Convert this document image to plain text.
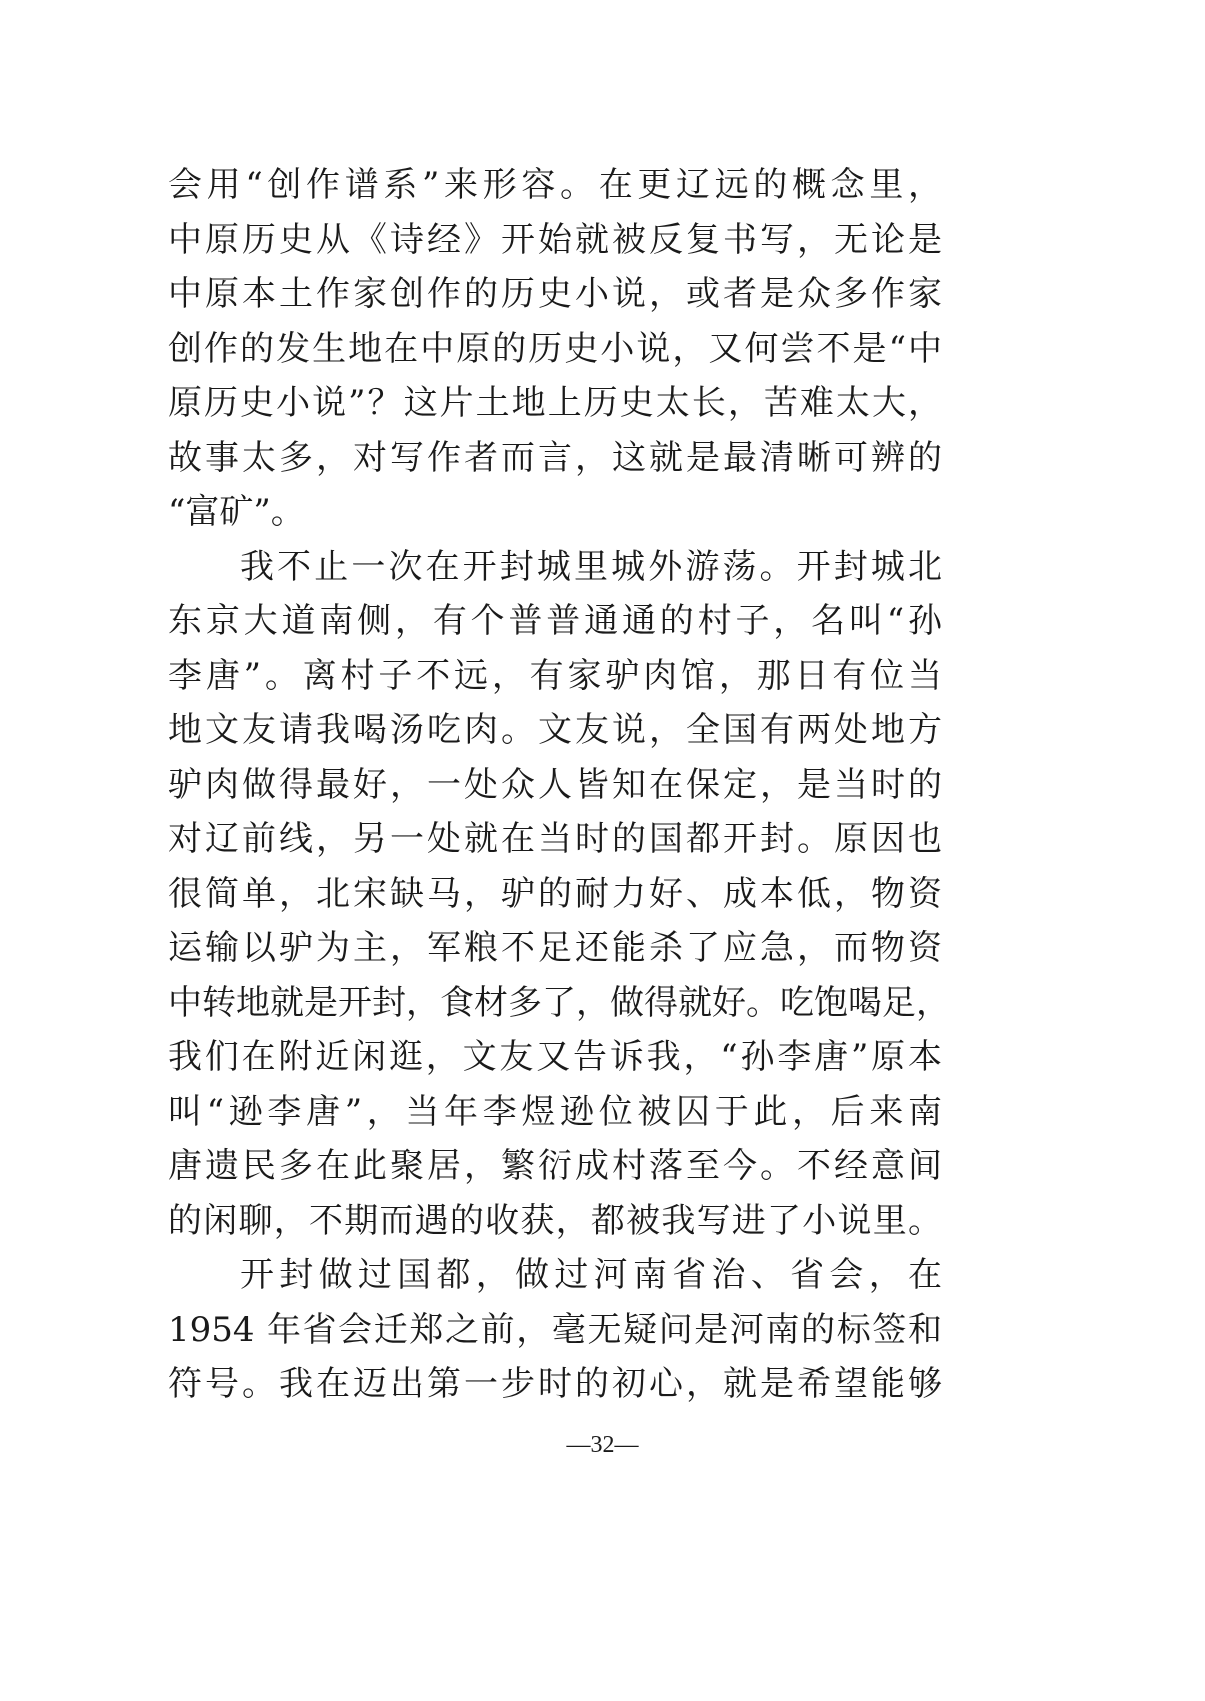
会用“创作谱系”来形容。在更辽远的概念里，
中原历史从《诗经》开始就被反复书写，无论是
中原本土作家创作的历史小说，或者是众多作家
创作的发生地在中原的历史小说，又何尝不是“中
原历史小说”？这片土地上历史太长，苦难太大，
故事太多，对写作者而言，这就是最清晰可辨的
“富矿”。
我不止一次在开封城里城外游荡。开封城北
东京大道南侧，有个普普通通的村子，名叫“孙
李唐”。离村子不远，有家驴肉馆，那日有位当
地文友请我喝汤吃肉。文友说，全国有两处地方
驴肉做得最好，一处众人皆知在保定，是当时的
对辽前线，另一处就在当时的国都开封。原因也
很简单，北宋缺马，驴的耐力好、成本低，物资
运输以驴为主，军粮不足还能杀了应急，而物资
中转地就是开封，食材多了，做得就好。吃饱喝足，
我们在附近闲逛，文友又告诉我，“孙李唐”原本
叫“逊李唐”，当年李煜逊位被囚于此，后来南
唐遗民多在此聚居，繁衍成村落至今。不经意间
的闲聊，不期而遇的收获，都被我写进了小说里。
开封做过国都，做过河南省治、省会，在
1954 年省会迁郑之前，毫无疑问是河南的标签和
符号。我在迈出第一步时的初心，就是希望能够
—32—
